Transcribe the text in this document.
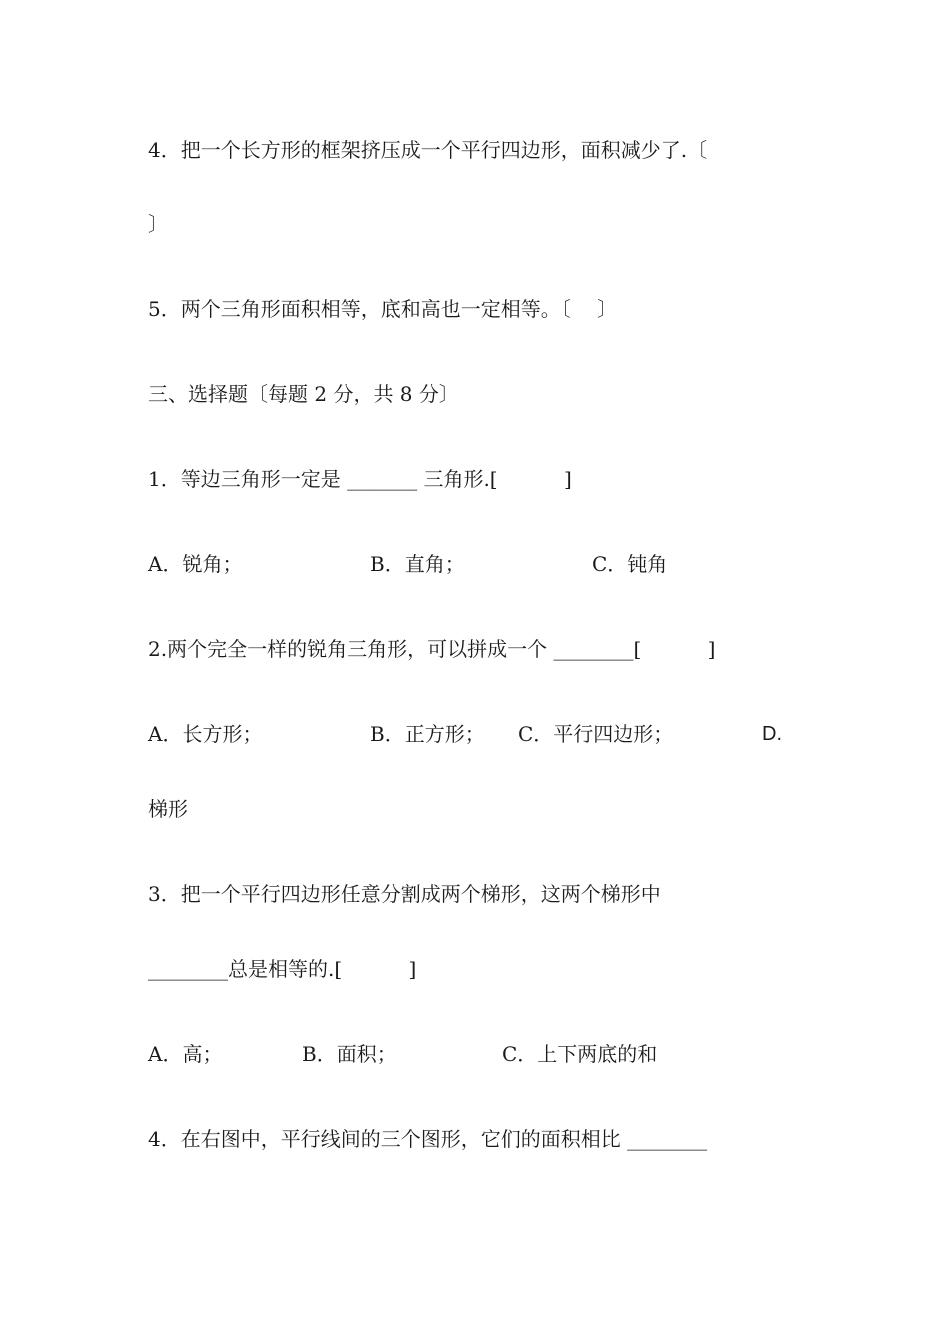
4．把一个长方形的框架挤压成一个平行四边形，面积减少了.〔
〕
5．两个三角形面积相等，底和高也一定相等。〔　 〕
三、选择题〔每题 2 分，共 8 分〕
1．等边三角形一定是 _______ 三角形.[　　　 ]
A．锐角；	B．直角；	C．钝角
2.两个完全一样的锐角三角形，可以拼成一个 ________[　　　 ]
A．长方形；	B．正方形； C．平行四边形；	D.
梯形
3．把一个平行四边形任意分割成两个梯形，这两个梯形中
________总是相等的.[　　　 ]
A．高；	B．面积；	C．上下两底的和
4．在右图中，平行线间的三个图形，它们的面积相比 ________
